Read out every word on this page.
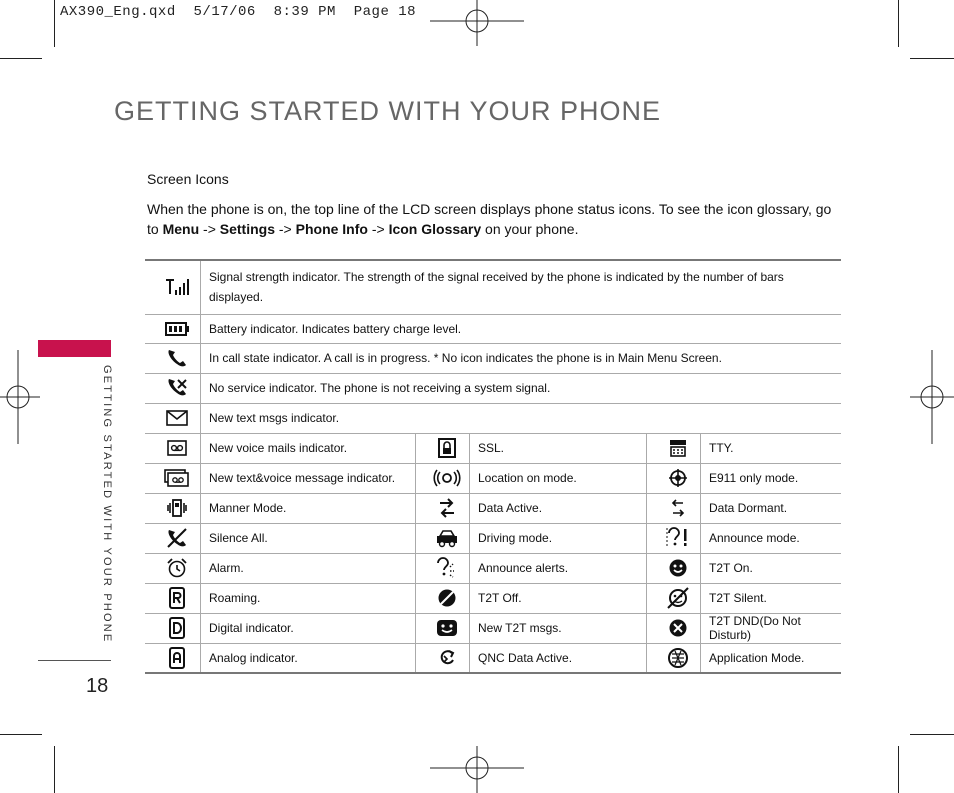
AX390_Eng.qxd  5/17/06  8:39 PM  Page 18
GETTING STARTED WITH YOUR PHONE
GETTING STARTED WITH YOUR PHONE
18
Screen Icons
When the phone is on, the top line of the LCD screen displays phone status icons. To see the icon glossary, go to Menu -> Settings -> Phone Info -> Icon Glossary on your phone.
	Signal strength indicator. The strength of the signal received by the phone is indicated by the number of bars displayed.				

	Battery indicator. Indicates battery charge level.				

	In call state indicator. A call is in progress. * No icon indicates the phone is in Main Menu Screen.				

	No service indicator. The phone is not receiving a system signal.				

	New text msgs indicator.				

	New voice mails indicator.		SSL.		TTY.

	New text&voice message indicator.		Location on mode.		E911 only mode.

	Manner Mode.		Data Active.		Data Dormant.

	Silence All.		Driving mode.		Announce mode.

	Alarm.		Announce alerts.		T2T On.

	Roaming.		T2T Off.		T2T Silent.

	Digital indicator.		New T2T msgs.		T2T DND(Do Not Disturb)

	Analog indicator.		QNC Data Active.		Application Mode.
